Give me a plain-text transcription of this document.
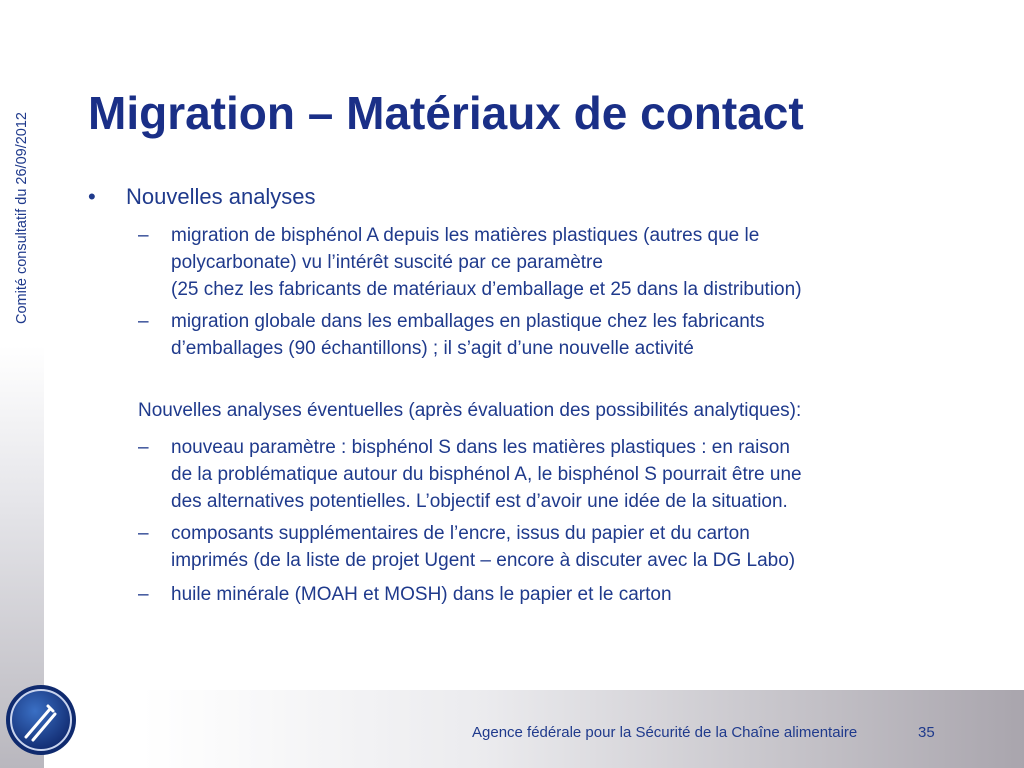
Comité consultatif du 26/09/2012 Migration – Matériaux de contact
• Nouvelles analyses
– migration de bisphénol A depuis les matières plastiques (autres que le
polycarbonate) vu l’intérêt suscité par ce paramètre
(25 chez les fabricants de matériaux d’emballage et 25 dans la distribution)
– migration globale dans les emballages en plastique chez les fabricants
d’emballages (90 échantillons) ; il s’agit d’une nouvelle activité
Nouvelles analyses éventuelles (après évaluation des possibilités analytiques):
– nouveau paramètre : bisphénol S dans les matières plastiques : en raison
de la problématique autour du bisphénol A, le bisphénol S pourrait être une
des alternatives potentielles. L’objectif est d’avoir une idée de la situation.
– composants supplémentaires de l’encre, issus du papier et du carton
imprimés (de la liste de projet Ugent – encore à discuter avec la DG Labo)
– huile minérale (MOAH et MOSH) dans le papier et le carton
Agence fédérale pour la Sécurité de la Chaîne alimentaire	35
